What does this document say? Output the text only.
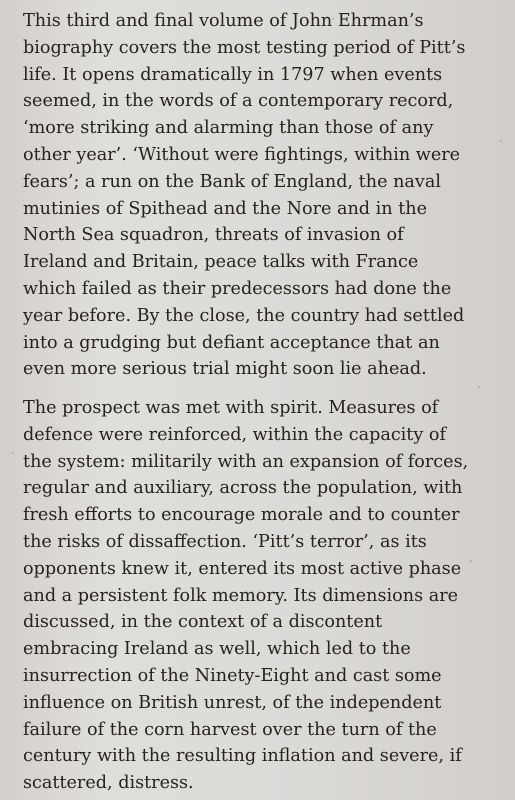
This third and final volume of John Ehrman’s
biography covers the most testing period of Pitt’s
life. It opens dramatically in 1797 when events
seemed, in the words of a contemporary record,
‘more striking and alarming than those of any
other year’. ‘Without were fightings, within were
fears’; a run on the Bank of England, the naval
mutinies of Spithead and the Nore and in the
North Sea squadron, threats of invasion of
Ireland and Britain, peace talks with France
which failed as their predecessors had done the
year before. By the close, the country had settled
into a grudging but defiant acceptance that an
even more serious trial might soon lie ahead.
The prospect was met with spirit. Measures of
defence were reinforced, within the capacity of
the system: militarily with an expansion of forces,
regular and auxiliary, across the population, with
fresh efforts to encourage morale and to counter
the risks of dissaffection. ‘Pitt’s terror’, as its
opponents knew it, entered its most active phase
and a persistent folk memory. Its dimensions are
discussed, in the context of a discontent
embracing Ireland as well, which led to the
insurrection of the Ninety-Eight and cast some
influence on British unrest, of the independent
failure of the corn harvest over the turn of the
century with the resulting inflation and severe, if
scattered, distress.
